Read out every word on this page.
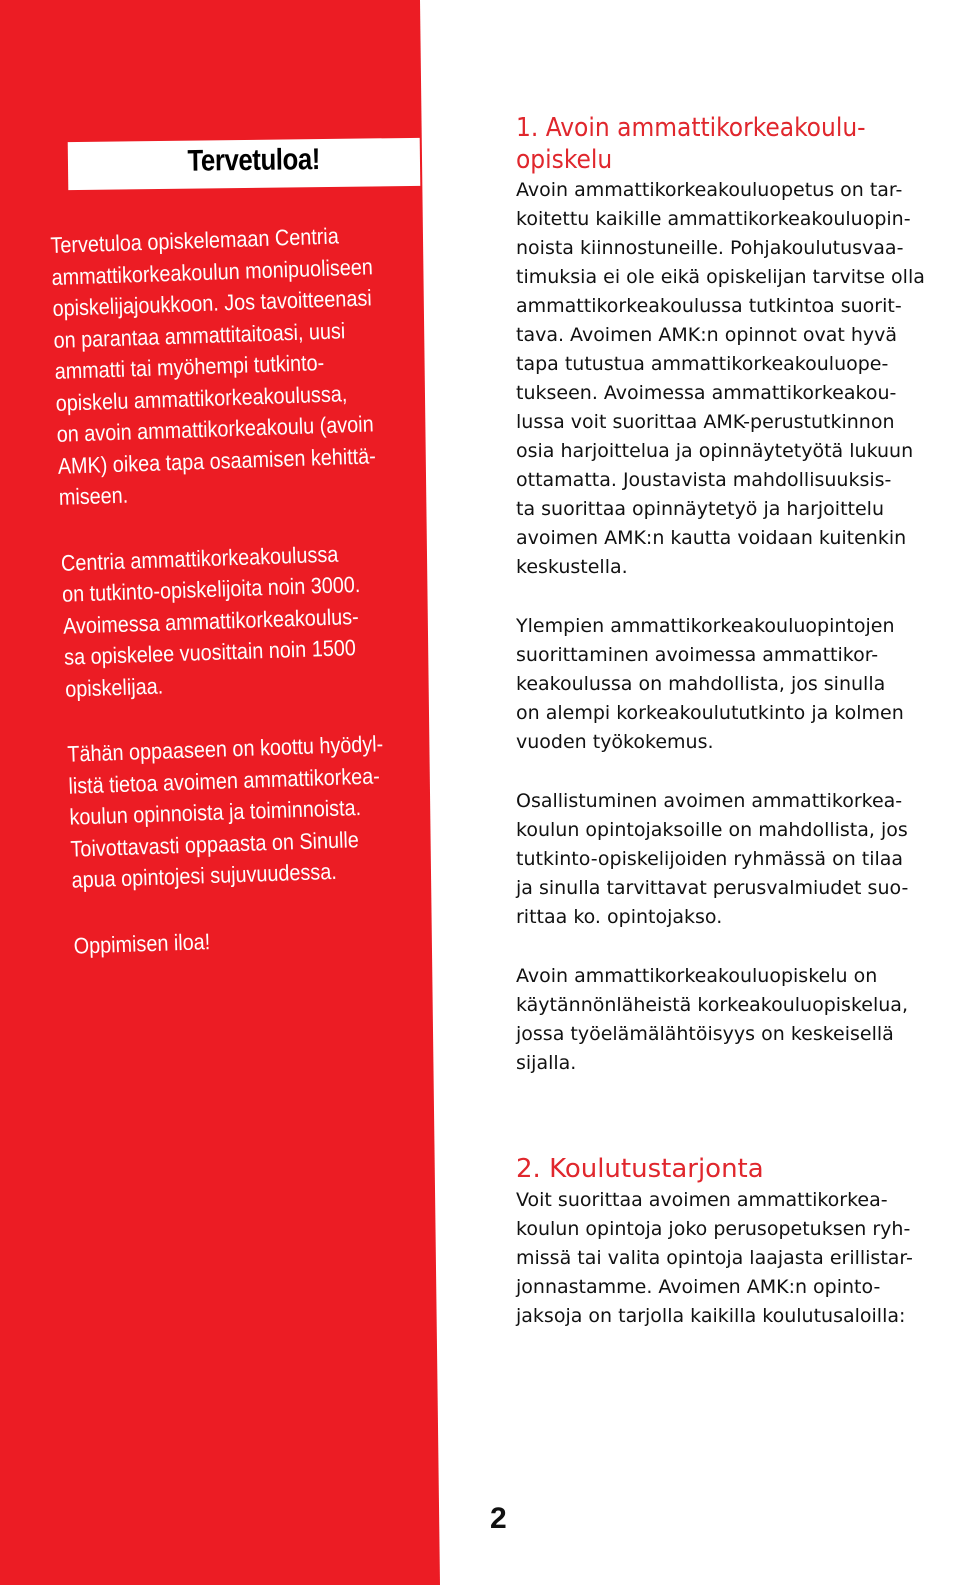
Tervetuloa!

Tervetuloa opiskelemaan Centria
ammattikorkeakoulun monipuoliseen
opiskelijajoukkoon. Jos tavoitteenasi
on parantaa ammattitaitoasi, uusi
ammatti tai myöhempi tutkinto-
opiskelu ammattikorkeakoulussa,
on avoin ammattikorkeakoulu (avoin
AMK) oikea tapa osaamisen kehittä-
miseen.

Centria ammattikorkeakoulussa
on tutkinto-opiskelijoita noin 3000.
Avoimessa ammattikorkeakoulus-
sa opiskelee vuosittain noin 1500
opiskelijaa.

Tähän oppaaseen on koottu hyödyl-
listä tietoa avoimen ammattikorkea-
koulun opinnoista ja toiminnoista.
Toivottavasti oppaasta on Sinulle
apua opintojesi sujuvuudessa.

Oppimisen iloa!

1. Avoin ammattikorkeakoulu-
opiskelu

Avoin ammattikorkeakouluopetus on tar-
koitettu kaikille ammattikorkeakouluopin-
noista kiinnostuneille. Pohjakoulutusvaa-
timuksia ei ole eikä opiskelijan tarvitse olla
ammattikorkeakoulussa tutkintoa suorit-
tava. Avoimen AMK:n opinnot ovat hyvä
tapa tutustua ammattikorkeakouluope-
tukseen. Avoimessa ammattikorkeakou-
lussa voit suorittaa AMK-perustutkinnon
osia harjoittelua ja opinnäytetyötä lukuun
ottamatta. Joustavista mahdollisuuksis-
ta suorittaa opinnäytetyö ja harjoittelu
avoimen AMK:n kautta voidaan kuitenkin
keskustella.

Ylempien ammattikorkeakouluopintojen
suorittaminen avoimessa ammattikor-
keakoulussa on mahdollista, jos sinulla
on alempi korkeakoulututkinto ja kolmen
vuoden työkokemus.

Osallistuminen avoimen ammattikorkea-
koulun opintojaksoille on mahdollista, jos
tutkinto-opiskelijoiden ryhmässä on tilaa
ja sinulla tarvittavat perusvalmiudet suo-
rittaa ko. opintojakso.

Avoin ammattikorkeakouluopiskelu on
käytännönläheistä korkeakouluopiskelua,
jossa työelämälähtöisyys on keskeisellä
sijalla.

2. Koulutustarjonta

Voit suorittaa avoimen ammattikorkea-
koulun opintoja joko perusopetuksen ryh-
missä tai valita opintoja laajasta erillistar-
jonnastamme. Avoimen AMK:n opinto-
jaksoja on tarjolla kaikilla koulutusaloilla:

2
